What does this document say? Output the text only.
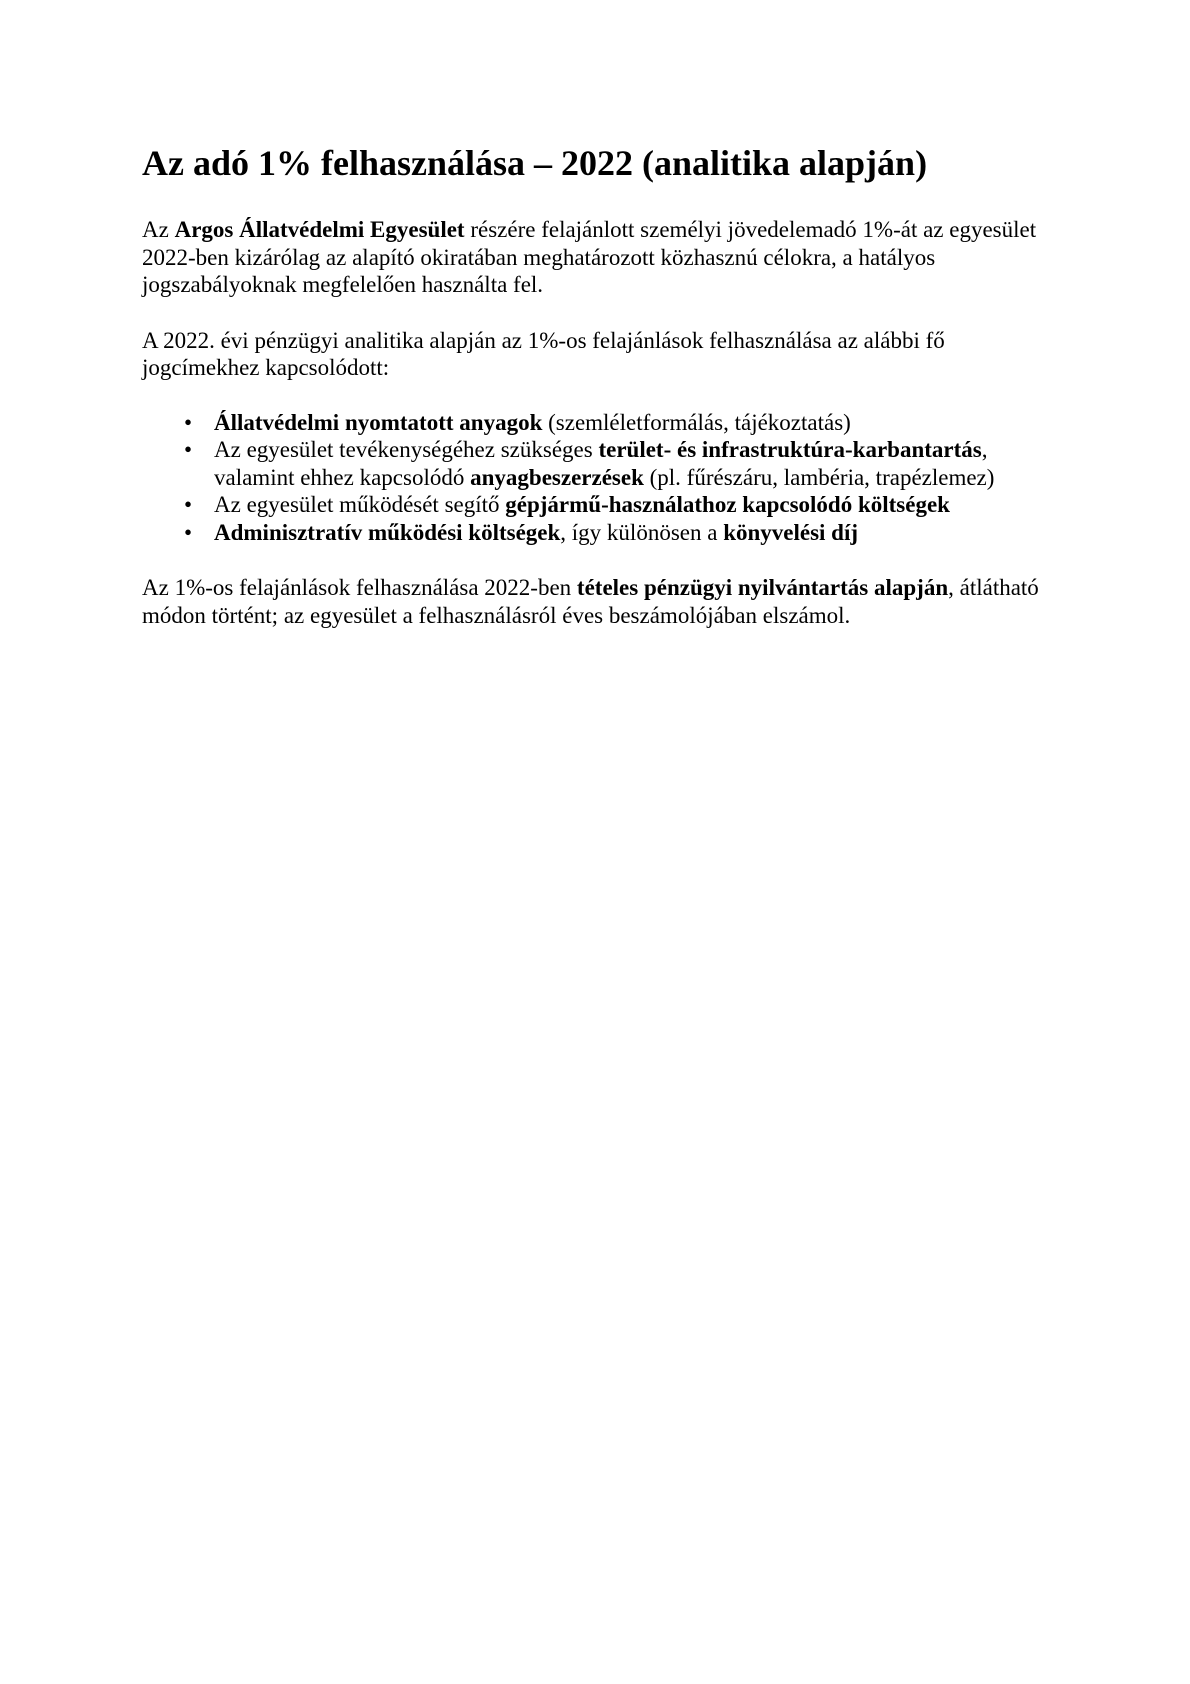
Az adó 1% felhasználása – 2022 (analitika alapján)

Az Argos Állatvédelmi Egyesület részére felajánlott személyi jövedelemadó 1%-át az egyesület 2022-ben kizárólag az alapító okiratában meghatározott közhasznú célokra, a hatályos jogszabályoknak megfelelően használta fel.

A 2022. évi pénzügyi analitika alapján az 1%-os felajánlások felhasználása az alábbi fő jogcímekhez kapcsolódott:

• Állatvédelmi nyomtatott anyagok (szemléletformálás, tájékoztatás)
• Az egyesület tevékenységéhez szükséges terület- és infrastruktúra-karbantartás, valamint ehhez kapcsolódó anyagbeszerzések (pl. fűrészáru, lambéria, trapézlemez)
• Az egyesület működését segítő gépjármű-használathoz kapcsolódó költségek
• Adminisztratív működési költségek, így különösen a könyvelési díj

Az 1%-os felajánlások felhasználása 2022-ben tételes pénzügyi nyilvántartás alapján, átlátható módon történt; az egyesület a felhasználásról éves beszámolójában elszámol.
